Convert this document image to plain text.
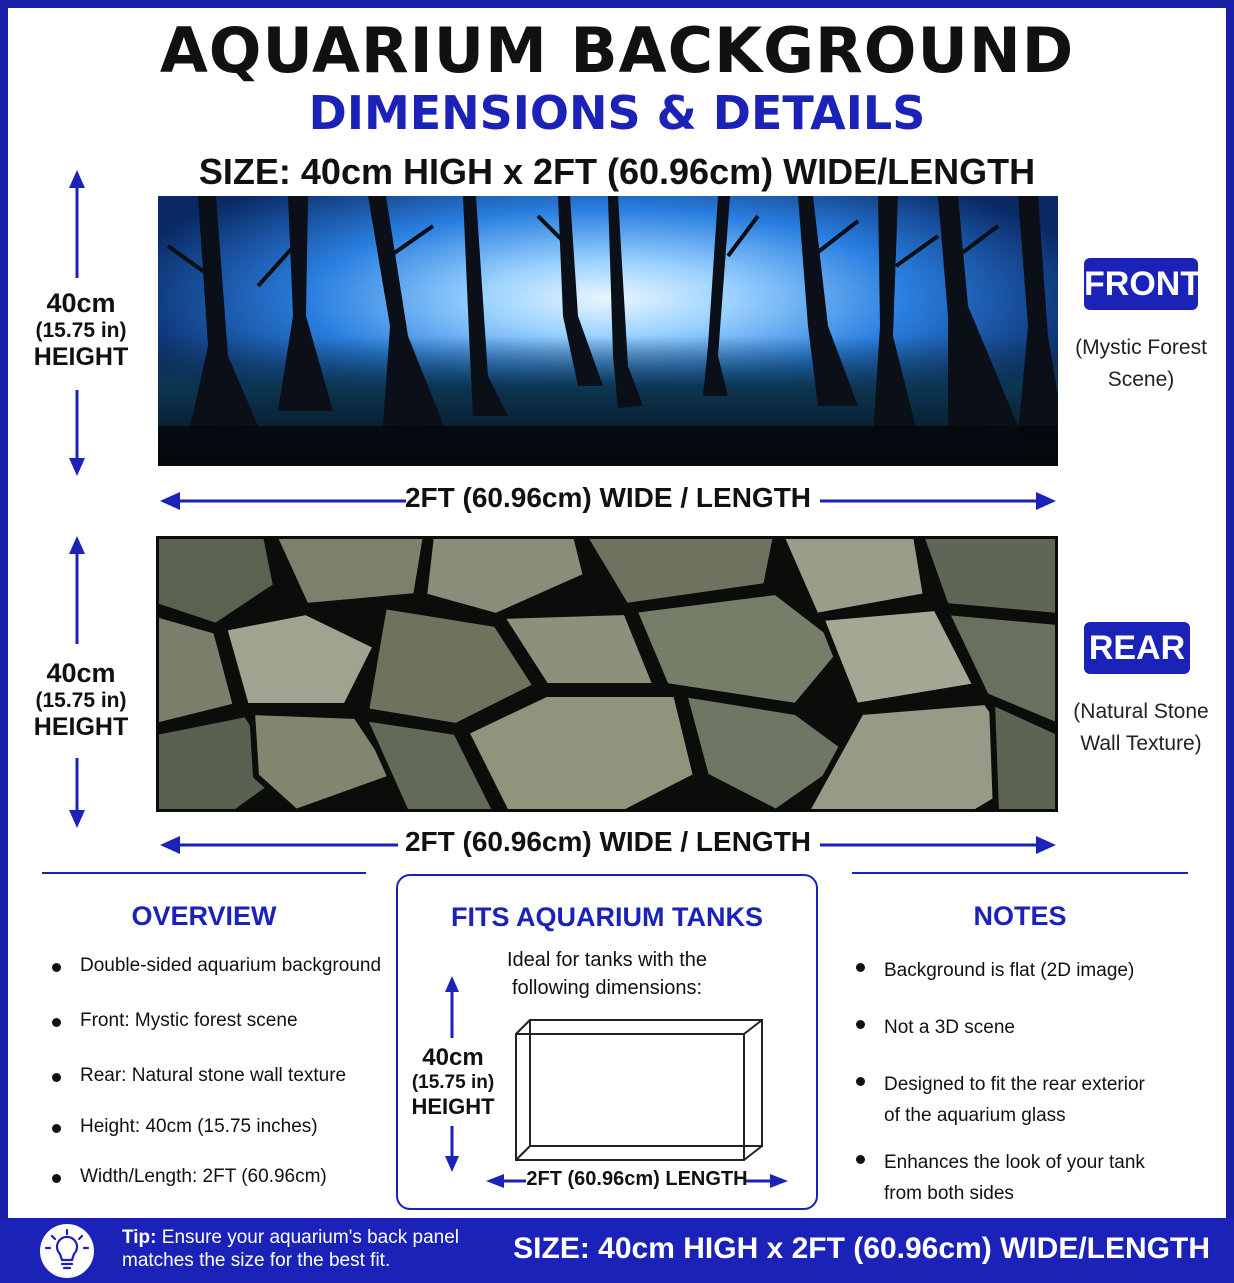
AQUARIUM BACKGROUND
DIMENSIONS & DETAILS
SIZE: 40cm HIGH x 2FT (60.96cm) WIDE/LENGTH
40cm
(15.75 in)
HEIGHT
FRONT
(Mystic Forest
Scene)
2FT (60.96cm) WIDE / LENGTH
40cm
(15.75 in)
HEIGHT
REAR
(Natural Stone
Wall Texture)
2FT (60.96cm) WIDE / LENGTH
OVERVIEW
Double-sided aquarium background
Front: Mystic forest scene
Rear: Natural stone wall texture
Height: 40cm (15.75 inches)
Width/Length: 2FT (60.96cm)
FITS AQUARIUM TANKS
Ideal for tanks with the
following dimensions:
40cm
(15.75 in)
HEIGHT
2FT (60.96cm) LENGTH
NOTES
Background is flat (2D image)
Not a 3D scene
Designed to fit the rear exterior
of the aquarium glass
Enhances the look of your tank
from both sides
Tip: Ensure your aquarium's back panel
matches the size for the best fit.	SIZE: 40cm HIGH x 2FT (60.96cm) WIDE/LENGTH
